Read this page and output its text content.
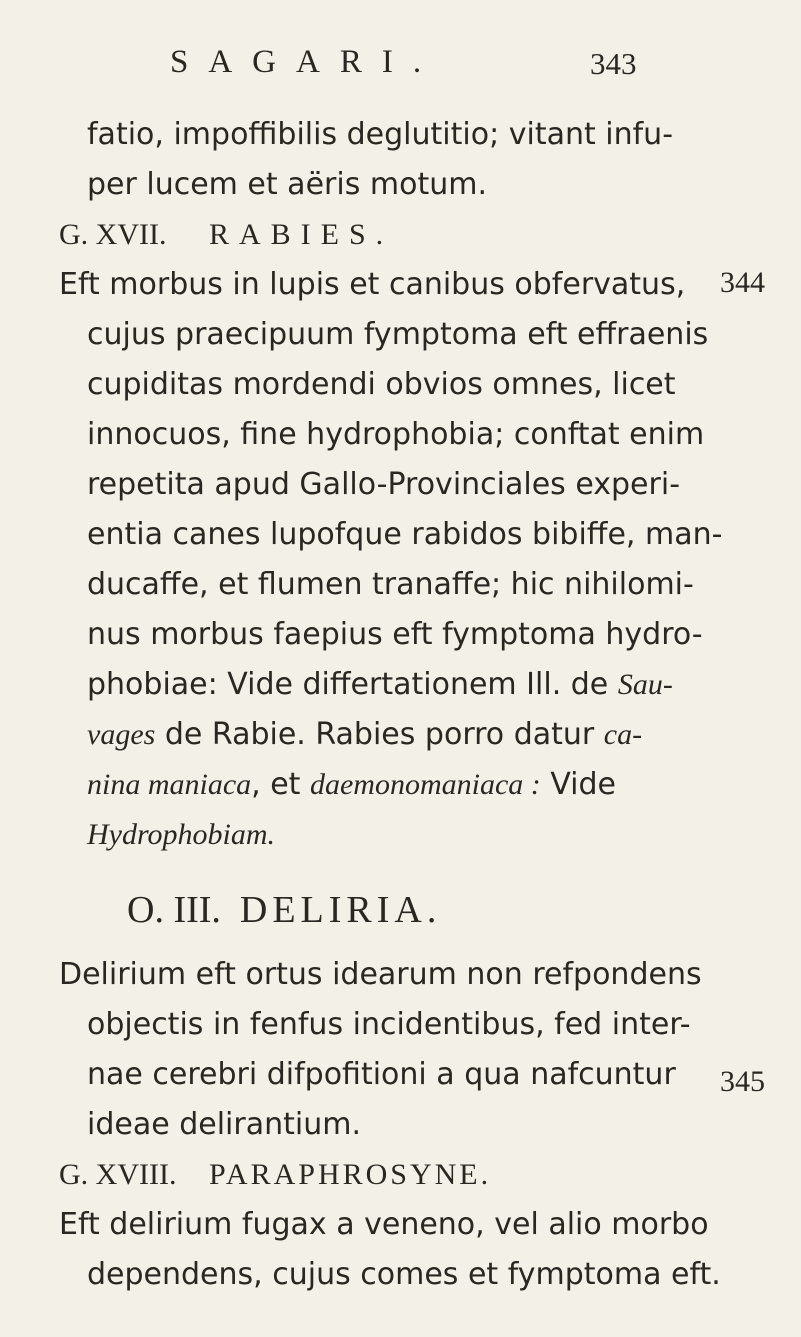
SAGARI.	343
fatio, impoffibilis deglutitio; vitant infu-
per lucem et aëris motum.
G. XVII. RABIES.
Eft morbus in lupis et canibus obfervatus,
cujus praecipuum fymptoma eft effraenis
cupiditas mordendi obvios omnes, licet
innocuos, fine hydrophobia; conftat enim
repetita apud Gallo-Provinciales experi-
entia canes lupofque rabidos bibiffe, man-
ducaffe, et flumen tranaffe; hic nihilomi-
nus morbus faepius eft fymptoma hydro-
phobiae: Vide differtationem Ill. de Sau-
vages de Rabie. Rabies porro datur ca-
nina maniaca, et daemonomaniaca : Vide
Hydrophobiam.
O. III. DELIRIA.
Delirium eft ortus idearum non refpondens
objectis in fenfus incidentibus, fed inter-
nae cerebri difpofitioni a qua nafcuntur
ideae delirantium.
G. XVIII. PARAPHROSYNE.
Eft delirium fugax a veneno, vel alio morbo
dependens, cujus comes et fymptoma eft.
344
345
